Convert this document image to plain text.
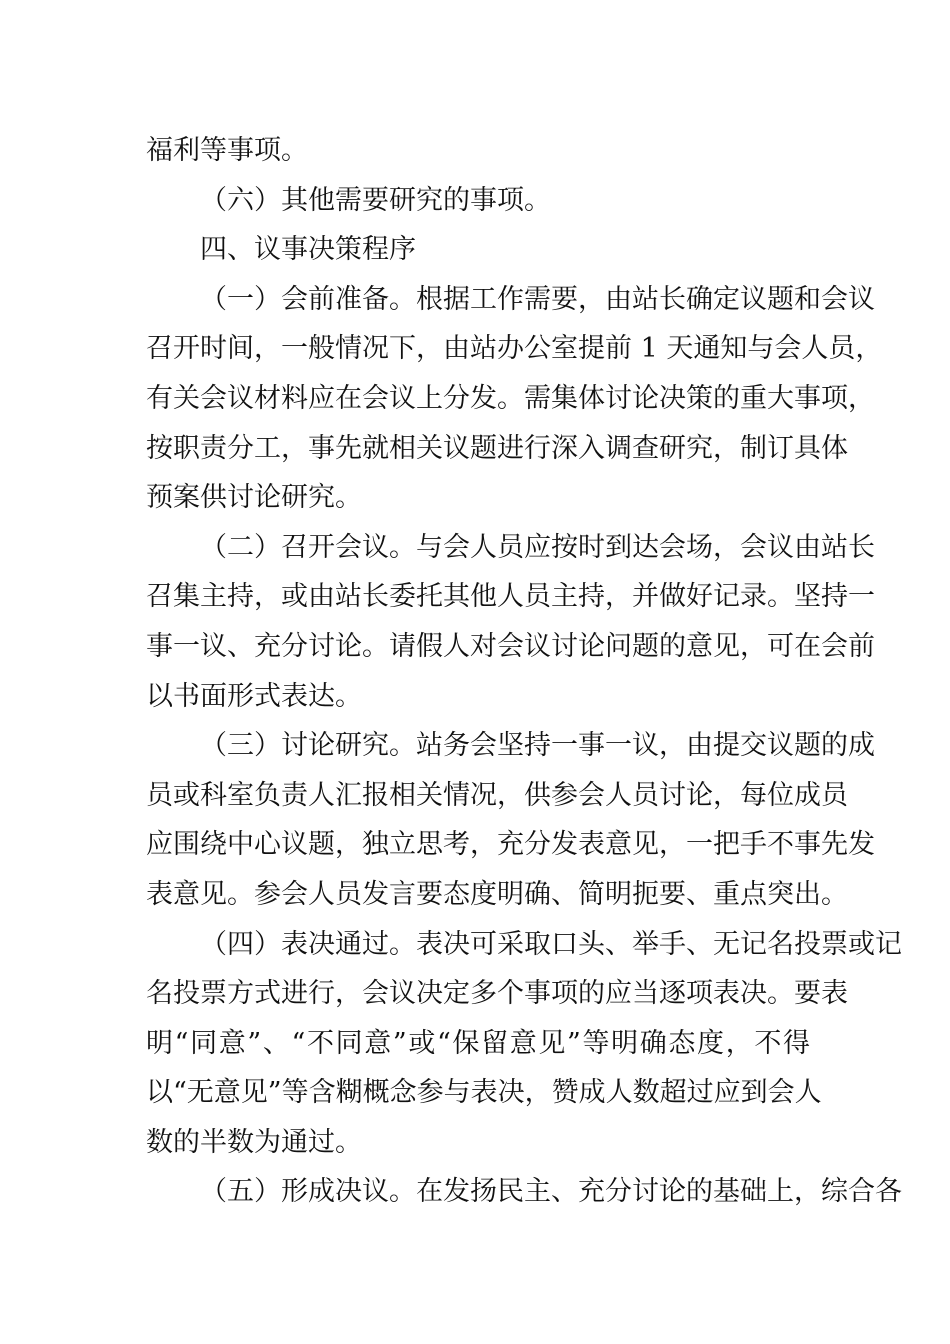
福利等事项。
（六）其他需要研究的事项。
四、议事决策程序
（一）会前准备。根据工作需要，由站长确定议题和会议
召开时间，一般情况下，由站办公室提前 1 天通知与会人员，
有关会议材料应在会议上分发。需集体讨论决策的重大事项，
按职责分工，事先就相关议题进行深入调查研究，制订具体
预案供讨论研究。
（二）召开会议。与会人员应按时到达会场，会议由站长
召集主持，或由站长委托其他人员主持，并做好记录。坚持一
事一议、充分讨论。请假人对会议讨论问题的意见，可在会前
以书面形式表达。
（三）讨论研究。站务会坚持一事一议，由提交议题的成
员或科室负责人汇报相关情况，供参会人员讨论，每位成员
应围绕中心议题，独立思考，充分发表意见，一把手不事先发
表意见。参会人员发言要态度明确、简明扼要、重点突出。
（四）表决通过。表决可采取口头、举手、无记名投票或记
名投票方式进行，会议决定多个事项的应当逐项表决。要表
明“同意”、“不同意”或“保留意见”等明确态度，不得
以“无意见”等含糊概念参与表决，赞成人数超过应到会人
数的半数为通过。
（五）形成决议。在发扬民主、充分讨论的基础上，综合各
